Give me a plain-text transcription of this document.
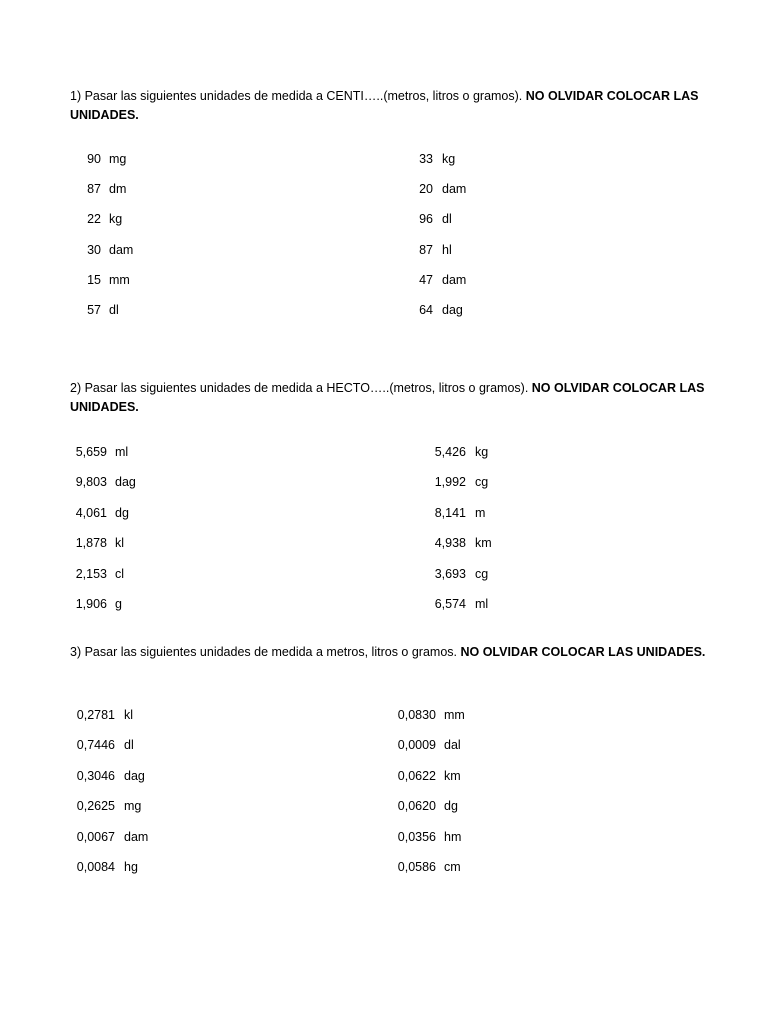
1) Pasar las siguientes unidades de medida a CENTI…..(metros, litros o gramos). NO OLVIDAR COLOCAR LAS UNIDADES.

90 mg
87 dm
22 kg
30 dam
15 mm
57 dl
33 kg
20 dam
96 dl
87 hl
47 dam
64 dag

2) Pasar las siguientes unidades de medida a HECTO…..(metros, litros o gramos). NO OLVIDAR COLOCAR LAS UNIDADES.

5,659 ml
9,803 dag
4,061 dg
1,878 kl
2,153 cl
1,906 g
5,426 kg
1,992 cg
8,141 m
4,938 km
3,693 cg
6,574 ml

3) Pasar las siguientes unidades de medida a metros, litros o gramos. NO OLVIDAR COLOCAR LAS UNIDADES.

0,2781 kl
0,7446 dl
0,3046 dag
0,2625 mg
0,0067 dam
0,0084 hg
0,0830 mm
0,0009 dal
0,0622 km
0,0620 dg
0,0356 hm
0,0586 cm
